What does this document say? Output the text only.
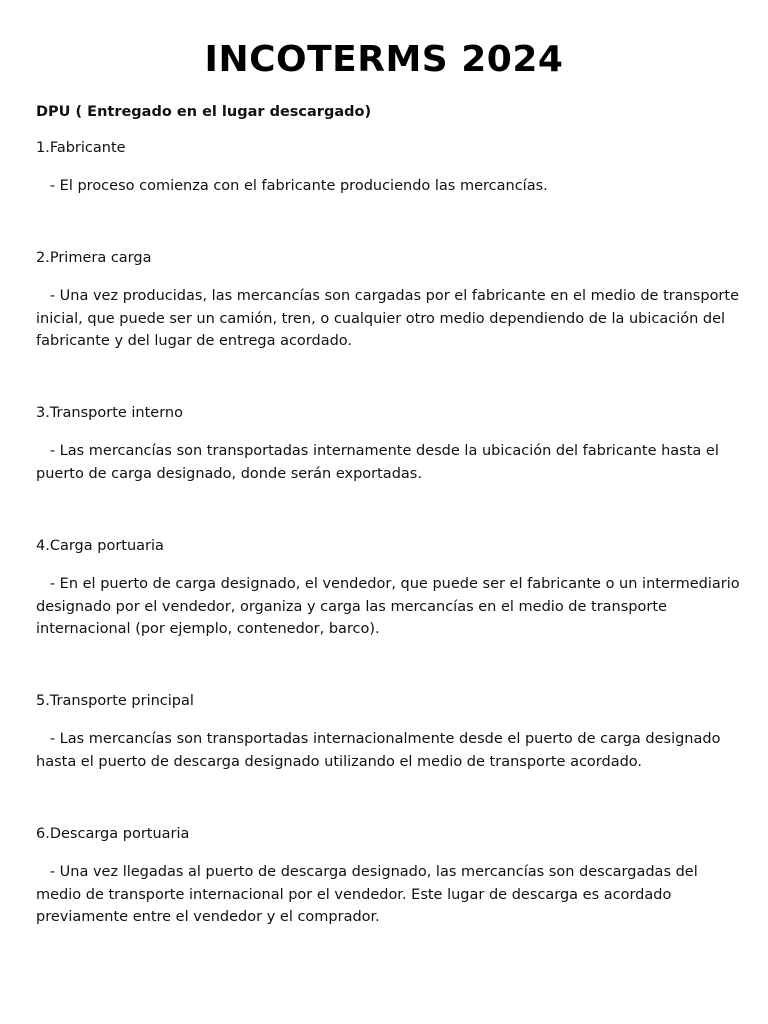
INCOTERMS 2024

DPU ( Entregado en el lugar descargado)

1.Fabricante

- El proceso comienza con el fabricante produciendo las mercancías.

2.Primera carga

- Una vez producidas, las mercancías son cargadas por el fabricante en el medio de transporte inicial, que puede ser un camión, tren, o cualquier otro medio dependiendo de la ubicación del fabricante y del lugar de entrega acordado.

3.Transporte interno

- Las mercancías son transportadas internamente desde la ubicación del fabricante hasta el puerto de carga designado, donde serán exportadas.

4.Carga portuaria

- En el puerto de carga designado, el vendedor, que puede ser el fabricante o un intermediario designado por el vendedor, organiza y carga las mercancías en el medio de transporte internacional (por ejemplo, contenedor, barco).

5.Transporte principal

- Las mercancías son transportadas internacionalmente desde el puerto de carga designado hasta el puerto de descarga designado utilizando el medio de transporte acordado.

6.Descarga portuaria

- Una vez llegadas al puerto de descarga designado, las mercancías son descargadas del medio de transporte internacional por el vendedor. Este lugar de descarga es acordado previamente entre el vendedor y el comprador.
